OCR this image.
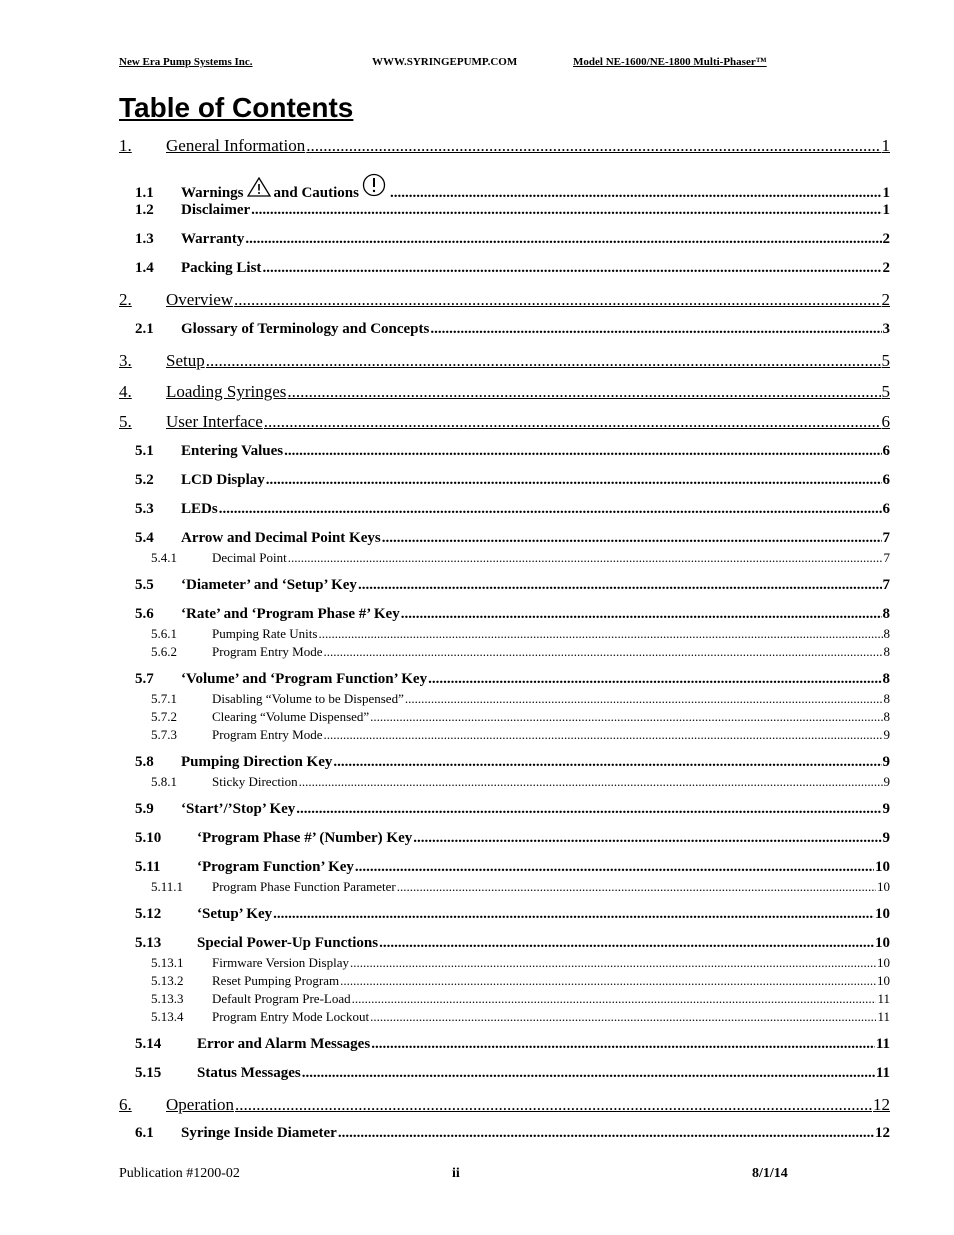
New Era Pump Systems Inc.	WWW.SYRINGEPUMP.COM	Model NE-1600/NE-1800 Multi-Phaser™
Table of Contents
1.	General Information .....	1
1.1	Warnings and Cautions .....	1
1.2	Disclaimer .....	1
1.3	Warranty .....	2
1.4	Packing List .....	2
2.	Overview .....	2
2.1	Glossary of Terminology and Concepts .....	3
3.	Setup .....	5
4.	Loading Syringes .....	5
5.	User Interface .....	6
5.1	Entering Values .....	6
5.2	LCD Display .....	6
5.3	LEDs .....	6
5.4	Arrow and Decimal Point Keys .....	7
5.4.1	Decimal Point .....	7
5.5	‘Diameter’ and ‘Setup’ Key .....	7
5.6	‘Rate’ and ‘Program Phase #’ Key .....	8
5.6.1	Pumping Rate Units .....	8
5.6.2	Program Entry Mode .....	8
5.7	‘Volume’ and ‘Program Function’ Key .....	8
5.7.1	Disabling “Volume to be Dispensed” .....	8
5.7.2	Clearing “Volume Dispensed” .....	8
5.7.3	Program Entry Mode .....	9
5.8	Pumping Direction Key .....	9
5.8.1	Sticky Direction .....	9
5.9	‘Start’/’Stop’ Key .....	9
5.10	‘Program Phase #’ (Number) Key .....	9
5.11	‘Program Function’ Key .....	10
5.11.1	Program Phase Function Parameter .....	10
5.12	‘Setup’ Key .....	10
5.13	Special Power-Up Functions .....	10
5.13.1	Firmware Version Display .....	10
5.13.2	Reset Pumping Program .....	10
5.13.3	Default Program Pre-Load .....	11
5.13.4	Program Entry Mode Lockout .....	11
5.14	Error and Alarm Messages .....	11
5.15	Status Messages .....	11
6.	Operation .....	12
6.1	Syringe Inside Diameter .....	12
Publication #1200-02	ii	8/1/14
